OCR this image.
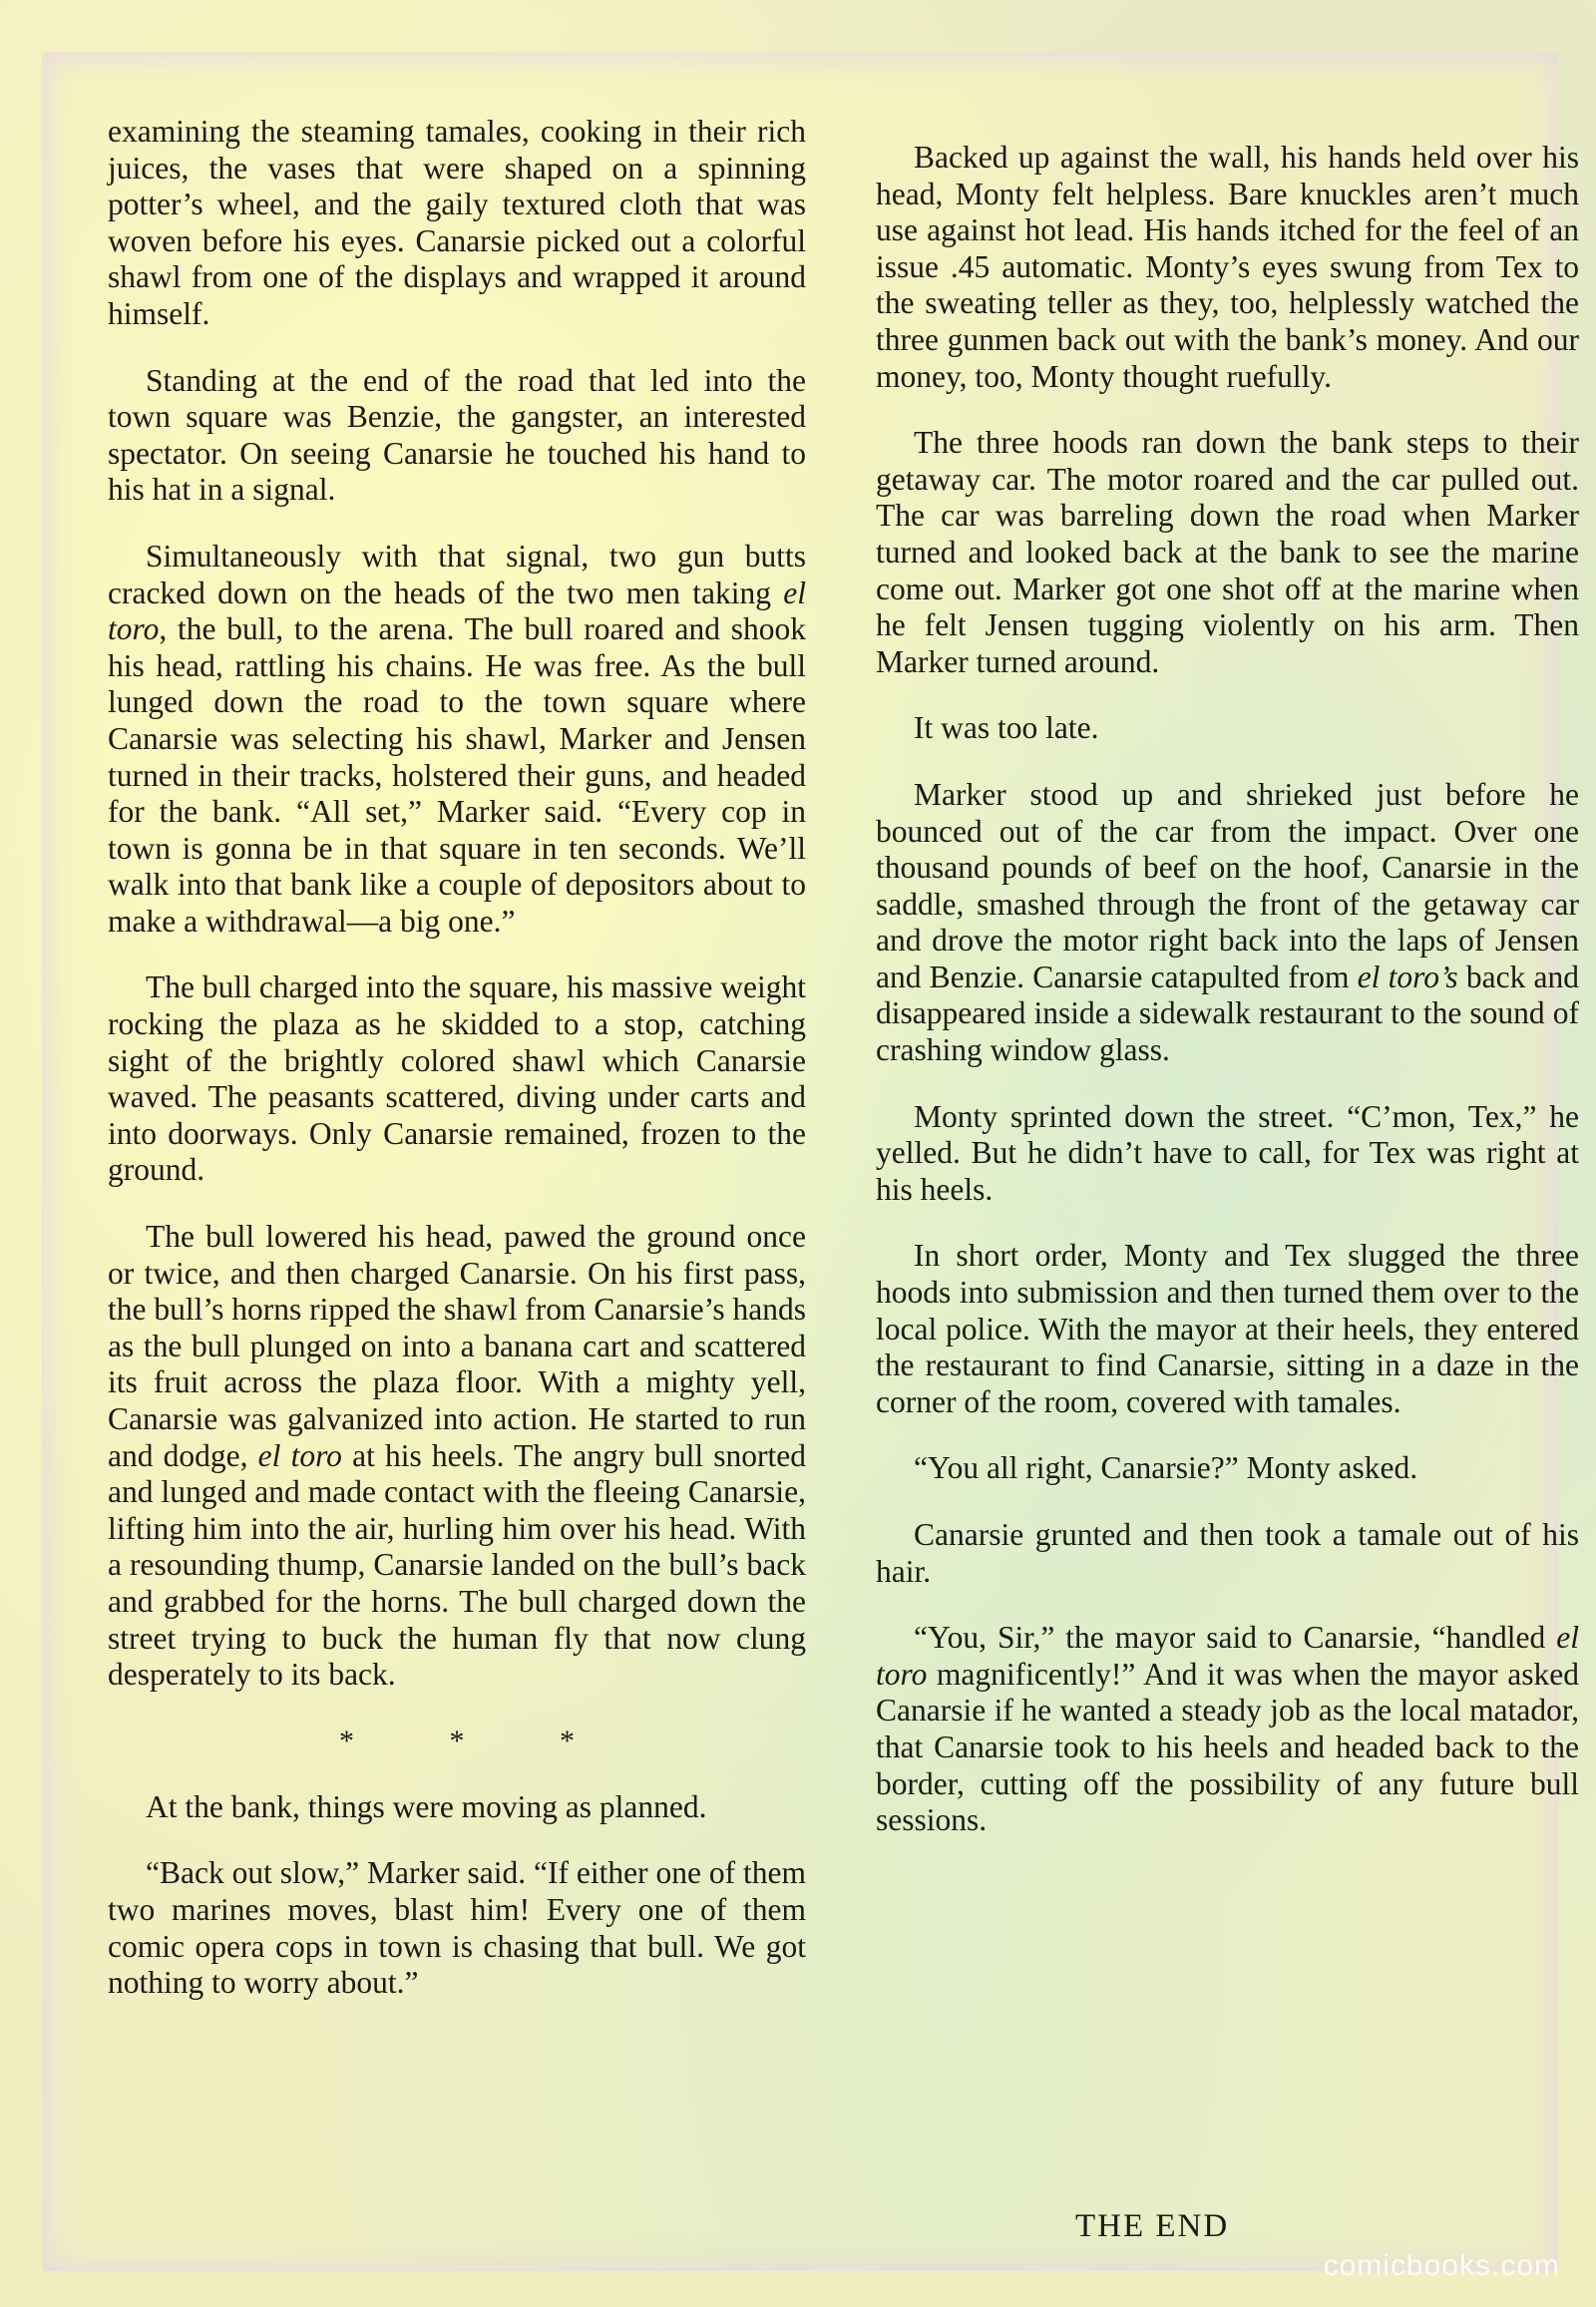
examining the steaming tamales, cooking in their rich juices, the vases that were shaped on a spinning potter’s wheel, and the gaily textured cloth that was woven before his eyes. Canarsie picked out a colorful shawl from one of the displays and wrapped it around himself.

Standing at the end of the road that led into the town square was Benzie, the gangster, an interested spectator. On seeing Canarsie he touched his hand to his hat in a signal.

Simultaneously with that signal, two gun butts cracked down on the heads of the two men taking el toro, the bull, to the arena. The bull roared and shook his head, rattling his chains. He was free. As the bull lunged down the road to the town square where Canarsie was selecting his shawl, Marker and Jensen turned in their tracks, holstered their guns, and headed for the bank. “All set,” Marker said. “Every cop in town is gonna be in that square in ten seconds. We’ll walk into that bank like a couple of depositors about to make a withdrawal—a big one.”

The bull charged into the square, his massive weight rocking the plaza as he skidded to a stop, catching sight of the brightly colored shawl which Canarsie waved. The peasants scattered, diving under carts and into doorways. Only Canarsie remained, frozen to the ground.

The bull lowered his head, pawed the ground once or twice, and then charged Canarsie. On his first pass, the bull’s horns ripped the shawl from Canarsie’s hands as the bull plunged on into a banana cart and scattered its fruit across the plaza floor. With a mighty yell, Canarsie was galvanized into action. He started to run and dodge, el toro at his heels. The angry bull snorted and lunged and made contact with the fleeing Canarsie, lifting him into the air, hurling him over his head. With a resounding thump, Canarsie landed on the bull’s back and grabbed for the horns. The bull charged down the street trying to buck the human fly that now clung desperately to its back.

* * *

At the bank, things were moving as planned.

“Back out slow,” Marker said. “If either one of them two marines moves, blast him! Every one of them comic opera cops in town is chasing that bull. We got nothing to worry about.”

Backed up against the wall, his hands held over his head, Monty felt helpless. Bare knuckles aren’t much use against hot lead. His hands itched for the feel of an issue .45 automatic. Monty’s eyes swung from Tex to the sweating teller as they, too, helplessly watched the three gunmen back out with the bank’s money. And our money, too, Monty thought ruefully.

The three hoods ran down the bank steps to their getaway car. The motor roared and the car pulled out. The car was barreling down the road when Marker turned and looked back at the bank to see the marine come out. Marker got one shot off at the marine when he felt Jensen tugging violently on his arm. Then Marker turned around.

It was too late.

Marker stood up and shrieked just before he bounced out of the car from the impact. Over one thousand pounds of beef on the hoof, Canarsie in the saddle, smashed through the front of the getaway car and drove the motor right back into the laps of Jensen and Benzie. Canarsie catapulted from el toro’s back and disappeared inside a sidewalk restaurant to the sound of crashing window glass.

Monty sprinted down the street. “C’mon, Tex,” he yelled. But he didn’t have to call, for Tex was right at his heels.

In short order, Monty and Tex slugged the three hoods into submission and then turned them over to the local police. With the mayor at their heels, they entered the restaurant to find Canarsie, sitting in a daze in the corner of the room, covered with tamales.

“You all right, Canarsie?” Monty asked.

Canarsie grunted and then took a tamale out of his hair.

“You, Sir,” the mayor said to Canarsie, “handled el toro magnificently!” And it was when the mayor asked Canarsie if he wanted a steady job as the local matador, that Canarsie took to his heels and headed back to the border, cutting off the possibility of any future bull sessions.

THE END
comicbooks.com
